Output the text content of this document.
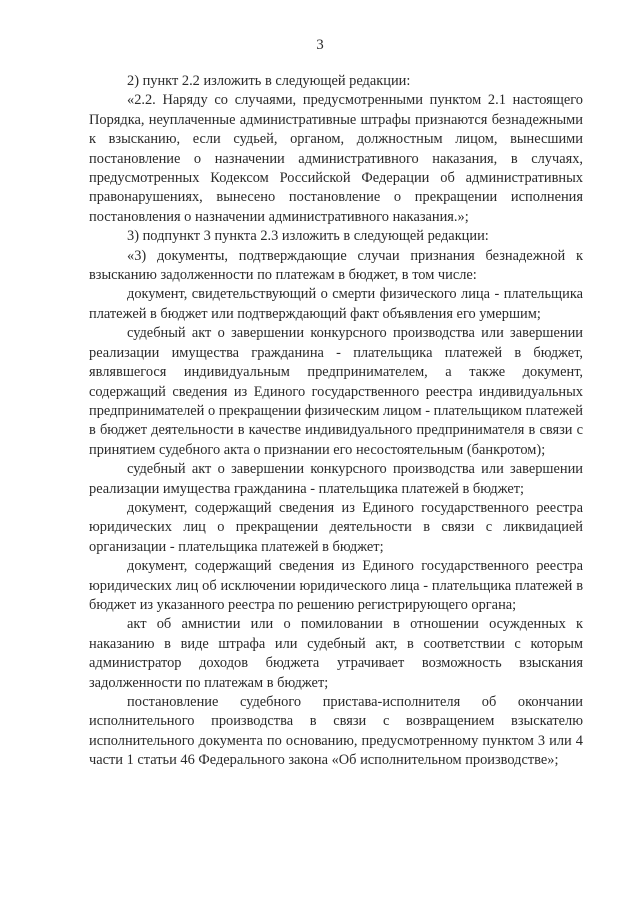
3

2) пункт 2.2 изложить в следующей редакции:

«2.2. Наряду со случаями, предусмотренными пунктом 2.1 настоящего Порядка, неуплаченные административные штрафы признаются безнадежными к взысканию, если судьей, органом, должностным лицом, вынесшими постановление о назначении административного наказания, в случаях, предусмотренных Кодексом Российской Федерации об административных правонарушениях, вынесено постановление о прекращении исполнения постановления о назначении административного наказания.»;

3) подпункт 3 пункта 2.3 изложить в следующей редакции:

«3) документы, подтверждающие случаи признания безнадежной к взысканию задолженности по платежам в бюджет, в том числе:

документ, свидетельствующий о смерти физического лица - плательщика платежей в бюджет или подтверждающий факт объявления его умершим;

судебный акт о завершении конкурсного производства или завершении реализации имущества гражданина - плательщика платежей в бюджет, являвшегося индивидуальным предпринимателем, а также документ, содержащий сведения из Единого государственного реестра индивидуальных предпринимателей о прекращении физическим лицом - плательщиком платежей в бюджет деятельности в качестве индивидуального предпринимателя в связи с принятием судебного акта о признании его несостоятельным (банкротом);

судебный акт о завершении конкурсного производства или завершении реализации имущества гражданина - плательщика платежей в бюджет;

документ, содержащий сведения из Единого государственного реестра юридических лиц о прекращении деятельности в связи с ликвидацией организации - плательщика платежей в бюджет;

документ, содержащий сведения из Единого государственного реестра юридических лиц об исключении юридического лица - плательщика платежей в бюджет из указанного реестра по решению регистрирующего органа;

акт об амнистии или о помиловании в отношении осужденных к наказанию в виде штрафа или судебный акт, в соответствии с которым администратор доходов бюджета утрачивает возможность взыскания задолженности по платежам в бюджет;

постановление судебного пристава-исполнителя об окончании исполнительного производства в связи с возвращением взыскателю исполнительного документа по основанию, предусмотренному пунктом 3 или 4 части 1 статьи 46 Федерального закона «Об исполнительном производстве»;
